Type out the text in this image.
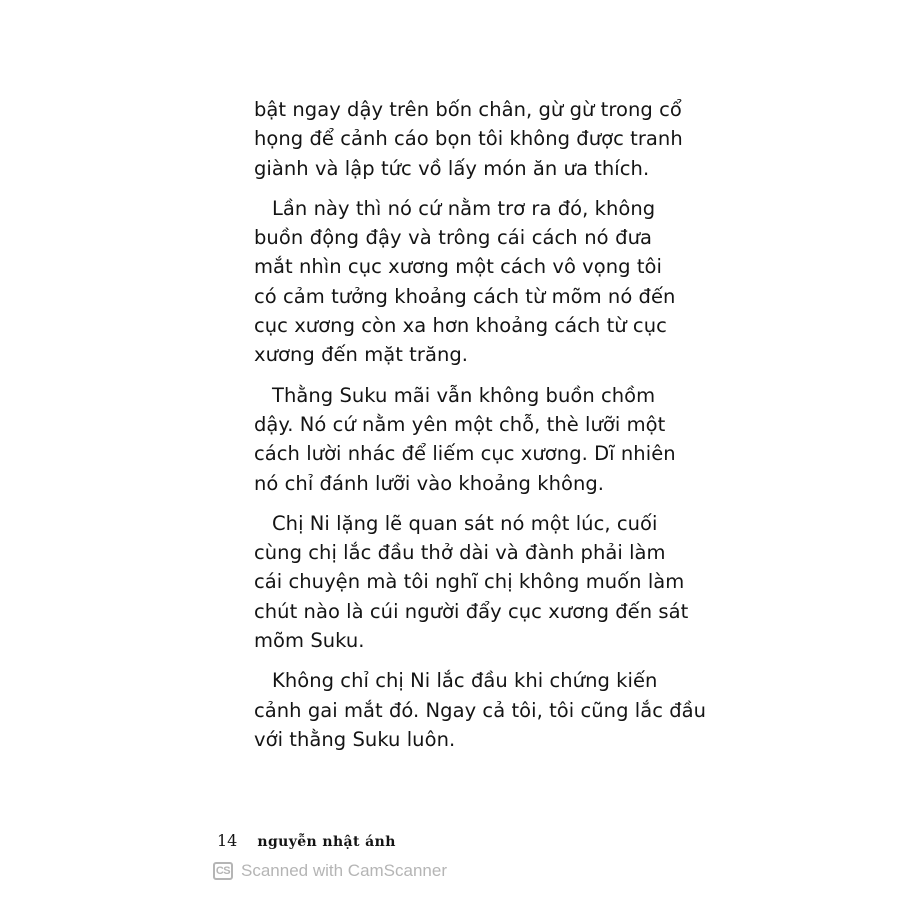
bật ngay dậy trên bốn chân, gừ gừ trong cổ
họng để cảnh cáo bọn tôi không được tranh
giành và lập tức vồ lấy món ăn ưa thích.

Lần này thì nó cứ nằm trơ ra đó, không
buồn động đậy và trông cái cách nó đưa
mắt nhìn cục xương một cách vô vọng tôi
có cảm tưởng khoảng cách từ mõm nó đến
cục xương còn xa hơn khoảng cách từ cục
xương đến mặt trăng.

Thằng Suku mãi vẫn không buồn chồm
dậy. Nó cứ nằm yên một chỗ, thè lưỡi một
cách lười nhác để liếm cục xương. Dĩ nhiên
nó chỉ đánh lưỡi vào khoảng không.

Chị Ni lặng lẽ quan sát nó một lúc, cuối
cùng chị lắc đầu thở dài và đành phải làm
cái chuyện mà tôi nghĩ chị không muốn làm
chút nào là cúi người đẩy cục xương đến sát
mõm Suku.

Không chỉ chị Ni lắc đầu khi chứng kiến
cảnh gai mắt đó. Ngay cả tôi, tôi cũng lắc đầu
với thằng Suku luôn.

14 nguyễn nhật ánh
CS Scanned with CamScanner
